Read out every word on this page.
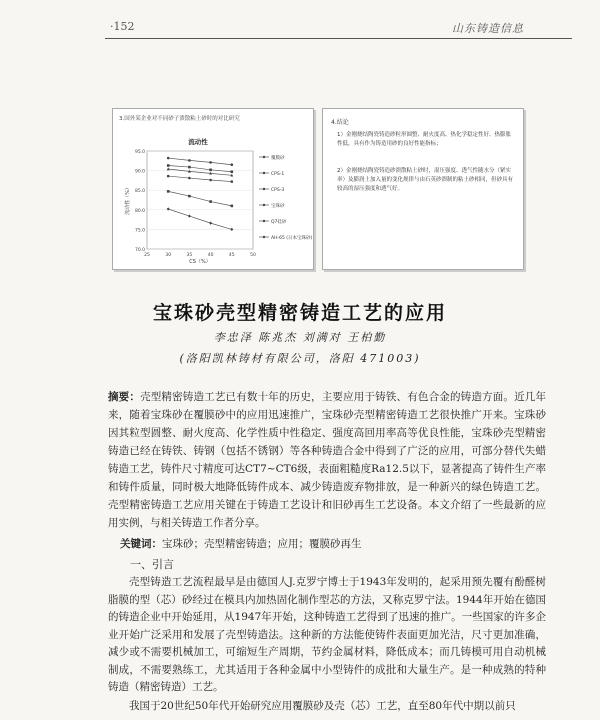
·152	山东铸造信息
3.国外某企业对不同砂子溃散粘土砂时的对比研究
流动性
70.0
75.0
80.0
85.0
90.0
95.0
25	30	35	40	45	50
CS（%）
流动性（%）
覆膜砂
CPS-1
CPS-3
宝珠砂
Q7硅砂
AH-65 (日本宝珠砂)
4.结论
1）金刚烧结陶瓷铸造砂粒形圆整、耐火度高、热化学稳定性好、热膨胀性低，具有作为铸造用砂的良好性能指标；
2）金刚烧结陶瓷铸造砂溃散粘土砂时，湿压强度、透气性随水分（紧实率）及膨润土加入量的变化规律与由石英砂溃制的粘土砂相同，但砂具有较高的湿压强度和透气好。
宝珠砂壳型精密铸造工艺的应用
李忠泽 陈兆杰 刘满对 王柏勤
(洛阳凯林铸材有限公司，洛阳 471003)
摘要：壳型精密铸造工艺已有数十年的历史，主要应用于铸铁、有色合金的铸造方面。近几年来，随着宝珠砂在覆膜砂中的应用迅速推广，宝珠砂壳型精密铸造工艺很快推广开来。宝珠砂因其粒型圆整、耐火度高、化学性质中性稳定、强度高回用率高等优良性能，宝珠砂壳型精密铸造已经在铸铁、铸钢（包括不锈钢）等各种铸造合金中得到了广泛的应用，可部分替代失蜡铸造工艺，铸件尺寸精度可达CT7~CT6级，表面粗糙度Ra12.5以下，显著提高了铸件生产率和铸件质量，同时极大地降低铸件成本、减少铸造废弃物排放，是一种新兴的绿色铸造工艺。壳型精密铸造工艺应用关键在于铸造工艺设计和旧砂再生工艺设备。本文介绍了一些最新的应用实例，与相关铸造工作者分享。
关键词：宝珠砂；壳型精密铸造；应用；覆膜砂再生
一、引言
壳型铸造工艺流程最早是由德国人J.克罗宁博士于1943年发明的，起采用预先覆有酚醛树脂膜的型（芯）砂经过在模具内加热固化制作型芯的方法，又称克罗宁法。1944年开始在德国的铸造企业中开始延用，从1947年开始，这种铸造工艺得到了迅速的推广。一些国家的许多企业开始广泛采用和发展了壳型铸造法。这种新的方法能使铸件表面更加光洁，尺寸更加准确，减少或不需要机械加工，可缩短生产周期，节约金属材料，降低成本；而几铸模可用自动机械制成，不需要熟练工，尤其适用于各种金属中小型铸件的成批和大量生产。是一种成熟的特种铸造（精密铸造）工艺。
我国于20世纪50年代开始研究应用覆膜砂及壳（芯）工艺，直至80年代中期以前只
